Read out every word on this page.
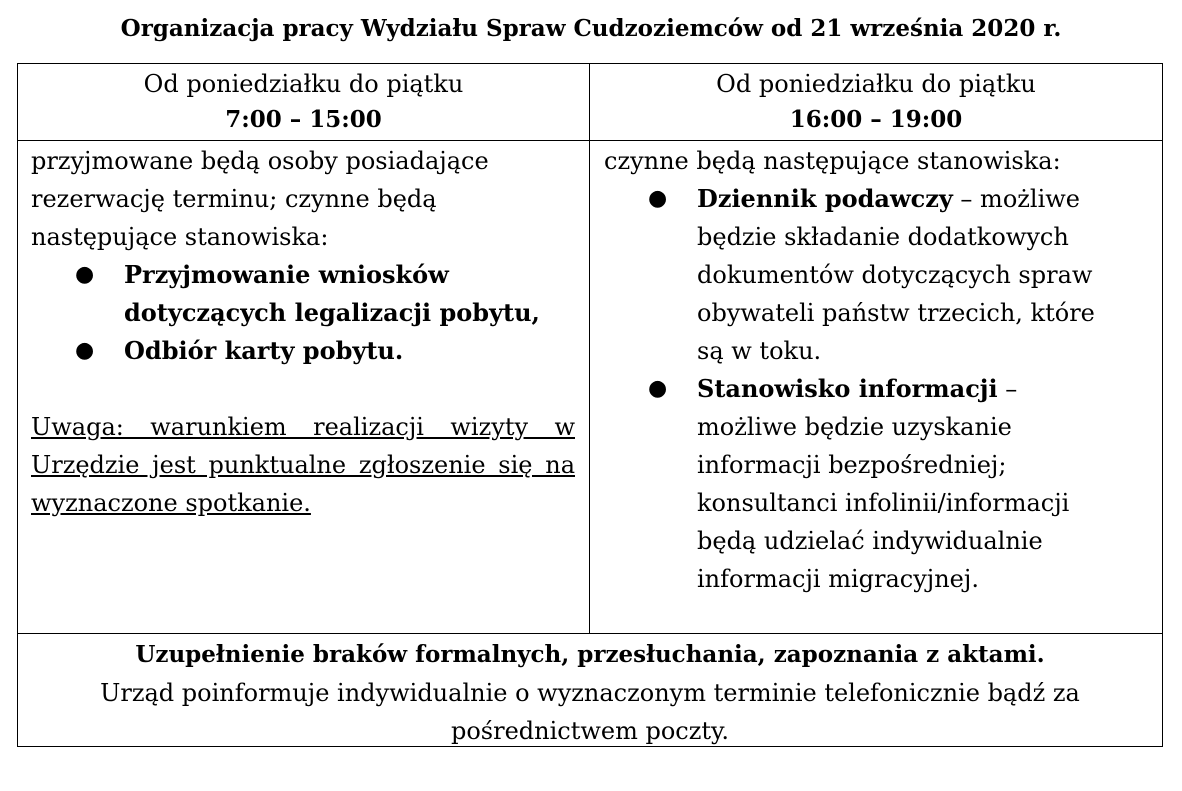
Organizacja pracy Wydziału Spraw Cudzoziemców od 21 września 2020 r.
Od poniedziałku do piątku
7:00 – 15:00
Od poniedziałku do piątku
16:00 – 19:00

przyjmowane będą osoby posiadające

rezerwację terminu; czynne będą

następujące stanowiska:

● Przyjmowanie wniosków
dotyczących legalizacji pobytu,
● Odbiór karty pobytu.

Uwaga: warunkiem realizacji wizyty w Urzędzie jest punktualne zgłoszenie się na wyznaczone spotkanie.

czynne będą następujące stanowiska:

● Dziennik podawczy – możliwe
będzie składanie dodatkowych
dokumentów dotyczących spraw
obywateli państw trzecich, które
są w toku.
● Stanowisko informacji –
możliwe będzie uzyskanie
informacji bezpośredniej;
konsultanci infolinii/informacji
będą udzielać indywidualnie
informacji migracyjnej.
Uzupełnienie braków formalnych, przesłuchania, zapoznania z aktami.
Urząd poinformuje indywidualnie o wyznaczonym terminie telefonicznie bądź za pośrednictwem poczty.
